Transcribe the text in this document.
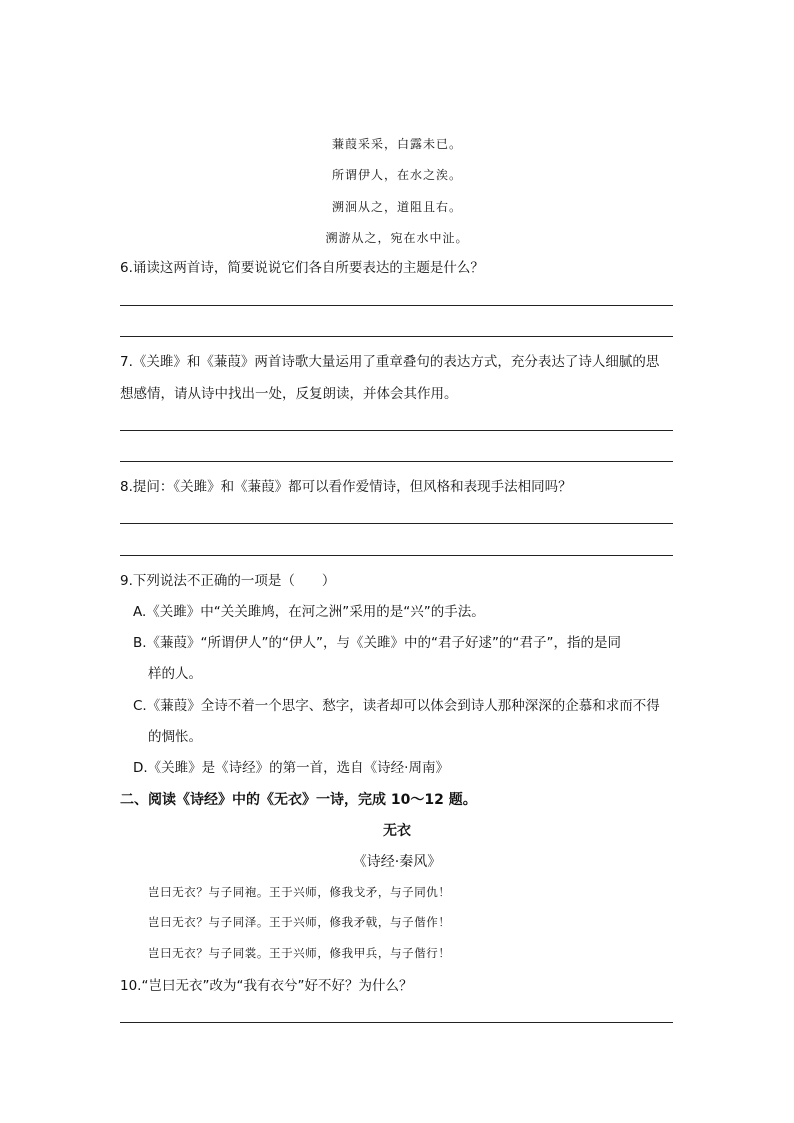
蒹葭采采，白露未已。
所谓伊人，在水之涘。
溯洄从之，道阻且右。
溯游从之，宛在水中沚。
6.诵读这两首诗，简要说说它们各自所要表达的主题是什么？
7.《关雎》和《蒹葭》两首诗歌大量运用了重章叠句的表达方式，充分表达了诗人细腻的思
想感情，请从诗中找出一处，反复朗读，并体会其作用。
8.提问：《关雎》和《蒹葭》都可以看作爱情诗，但风格和表现手法相同吗？
9.下列说法不正确的一项是（　　）
A.《关雎》中“关关雎鸠，在河之洲”采用的是“兴”的手法。
B.《蒹葭》“所谓伊人”的“伊人”，与《关雎》中的“君子好逑”的“君子”，指的是同
样的人。
C.《蒹葭》全诗不着一个思字、愁字，读者却可以体会到诗人那种深深的企慕和求而不得
的惆怅。
D.《关雎》是《诗经》的第一首，选自《诗经·周南》
二、阅读《诗经》中的《无衣》一诗，完成 10～12 题。
无衣
《诗经·秦风》
岂曰无衣？与子同袍。王于兴师，修我戈矛，与子同仇！
岂曰无衣？与子同泽。王于兴师，修我矛戟，与子偕作！
岂曰无衣？与子同裳。王于兴师，修我甲兵，与子偕行！
10.“岂曰无衣”改为“我有衣兮”好不好？为什么？
